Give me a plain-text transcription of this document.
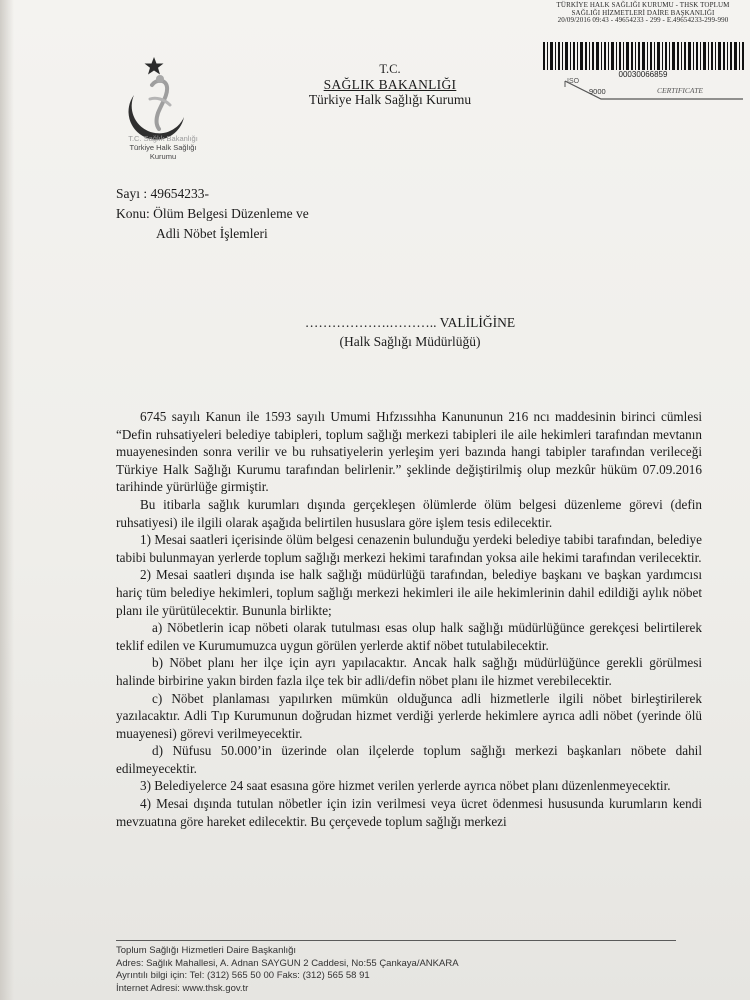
T.C. Sağlık Bakanlığı
Türkiye Halk Sağlığı
Kurumu
T.C.
SAĞLIK BAKANLIĞI
Türkiye Halk Sağlığı Kurumu
TÜRKİYE HALK SAĞLIĞI KURUMU - THSK TOPLUM
SAĞLIĞI HİZMETLERİ DAİRE BAŞKANLIĞI
20/09/2016 09:43 - 49654233 - 299 - E.49654233-299-990
00030066859
ISO
9000	CERTIFICATE
Sayı : 49654233-
Konu: Ölüm Belgesi Düzenleme ve
Adli Nöbet İşlemleri
……………….……….. VALİLİĞİNE
(Halk Sağlığı Müdürlüğü)

6745 sayılı Kanun ile 1593 sayılı Umumi Hıfzıssıhha Kanununun 216 ncı maddesinin birinci cümlesi “Defin ruhsatiyeleri belediye tabipleri, toplum sağlığı merkezi tabipleri ile aile hekimleri tarafından mevtanın muayenesinden sonra verilir ve bu ruhsatiyelerin yerleşim yeri bazında hangi tabipler tarafından verileceği Türkiye Halk Sağlığı Kurumu tarafından belirlenir.” şeklinde değiştirilmiş olup mezkûr hüküm 07.09.2016 tarihinde yürürlüğe girmiştir.

Bu itibarla sağlık kurumları dışında gerçekleşen ölümlerde ölüm belgesi düzenleme görevi (defin ruhsatiyesi) ile ilgili olarak aşağıda belirtilen hususlara göre işlem tesis edilecektir.

1) Mesai saatleri içerisinde ölüm belgesi cenazenin bulunduğu yerdeki belediye tabibi tarafından, belediye tabibi bulunmayan yerlerde toplum sağlığı merkezi hekimi tarafından yoksa aile hekimi tarafından verilecektir.

2) Mesai saatleri dışında ise halk sağlığı müdürlüğü tarafından, belediye başkanı ve başkan yardımcısı hariç tüm belediye hekimleri, toplum sağlığı merkezi hekimleri ile aile hekimlerinin dahil edildiği aylık nöbet planı ile yürütülecektir. Bununla birlikte;

a) Nöbetlerin icap nöbeti olarak tutulması esas olup halk sağlığı müdürlüğünce gerekçesi belirtilerek teklif edilen ve Kurumumuzca uygun görülen yerlerde aktif nöbet tutulabilecektir.

b) Nöbet planı her ilçe için ayrı yapılacaktır. Ancak halk sağlığı müdürlüğünce gerekli görülmesi halinde birbirine yakın birden fazla ilçe tek bir adli/defin nöbet planı ile hizmet verebilecektir.

c) Nöbet planlaması yapılırken mümkün olduğunca adli hizmetlerle ilgili nöbet birleştirilerek yazılacaktır. Adli Tıp Kurumunun doğrudan hizmet verdiği yerlerde hekimlere ayrıca adli nöbet (yerinde ölü muayenesi) görevi verilmeyecektir.

d) Nüfusu 50.000’in üzerinde olan ilçelerde toplum sağlığı merkezi başkanları nöbete dahil edilmeyecektir.

3) Belediyelerce 24 saat esasına göre hizmet verilen yerlerde ayrıca nöbet planı düzenlenmeyecektir.

4) Mesai dışında tutulan nöbetler için izin verilmesi veya ücret ödenmesi hususunda kurumların kendi mevzuatına göre hareket edilecektir. Bu çerçevede toplum sağlığı merkezi

Toplum Sağlığı Hizmetleri Daire Başkanlığı
Adres: Sağlık Mahallesi, A. Adnan SAYGUN 2 Caddesi, No:55 Çankaya/ANKARA
Ayrıntılı bilgi için: Tel: (312) 565 50 00 Faks: (312) 565 58 91
İnternet Adresi: www.thsk.gov.tr
